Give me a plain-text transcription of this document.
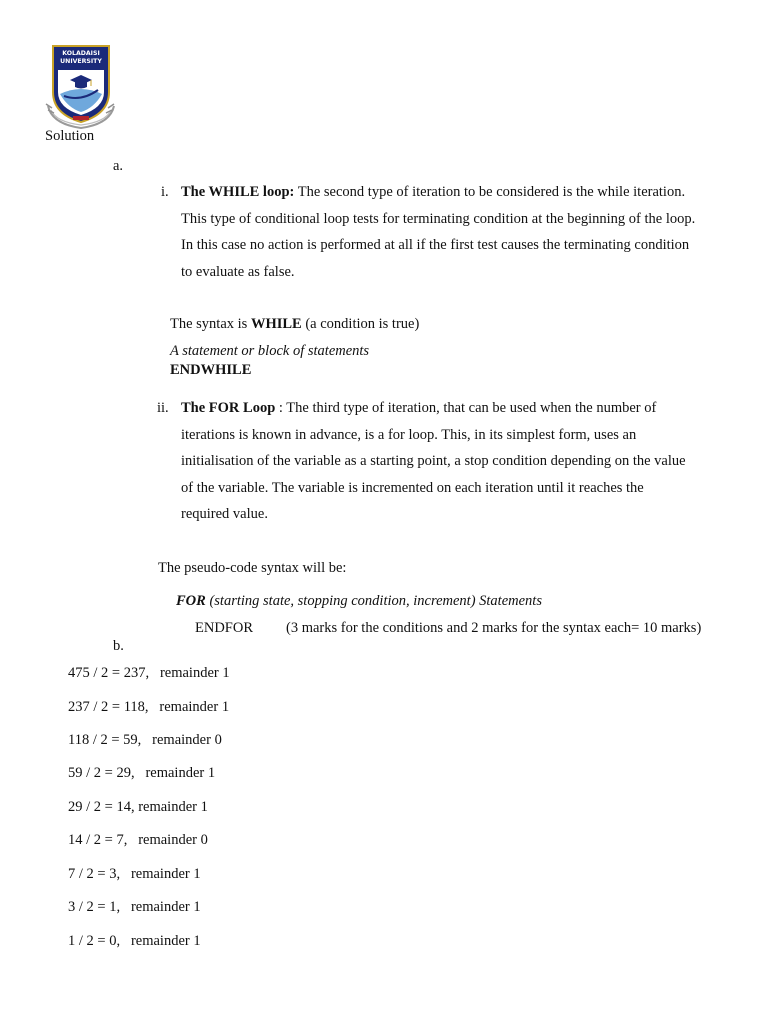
KOLADAISI
UNIVERSITY
Solution
a.
i. The WHILE loop: The second type of iteration to be considered is the while iteration.
This type of conditional loop tests for terminating condition at the beginning of the loop.
In this case no action is performed at all if the first test causes the terminating condition
to evaluate as false.
The syntax is WHILE (a condition is true)
A statement or block of statements
ENDWHILE
ii. The FOR Loop : The third type of iteration, that can be used when the number of
iterations is known in advance, is a for loop. This, in its simplest form, uses an
initialisation of the variable as a starting point, a stop condition depending on the value
of the variable. The variable is incremented on each iteration until it reaches the
required value.
The pseudo-code syntax will be:
FOR (starting state, stopping condition, increment) Statements
ENDFOR (3 marks for the conditions and 2 marks for the syntax each= 10 marks)
b.
475 / 2 = 237,   remainder 1
237 / 2 = 118,   remainder 1
118 / 2 = 59,   remainder 0
59 / 2 = 29,   remainder 1
29 / 2 = 14, remainder 1
14 / 2 = 7,   remainder 0
7 / 2 = 3,   remainder 1
3 / 2 = 1,   remainder 1
1 / 2 = 0,   remainder 1
